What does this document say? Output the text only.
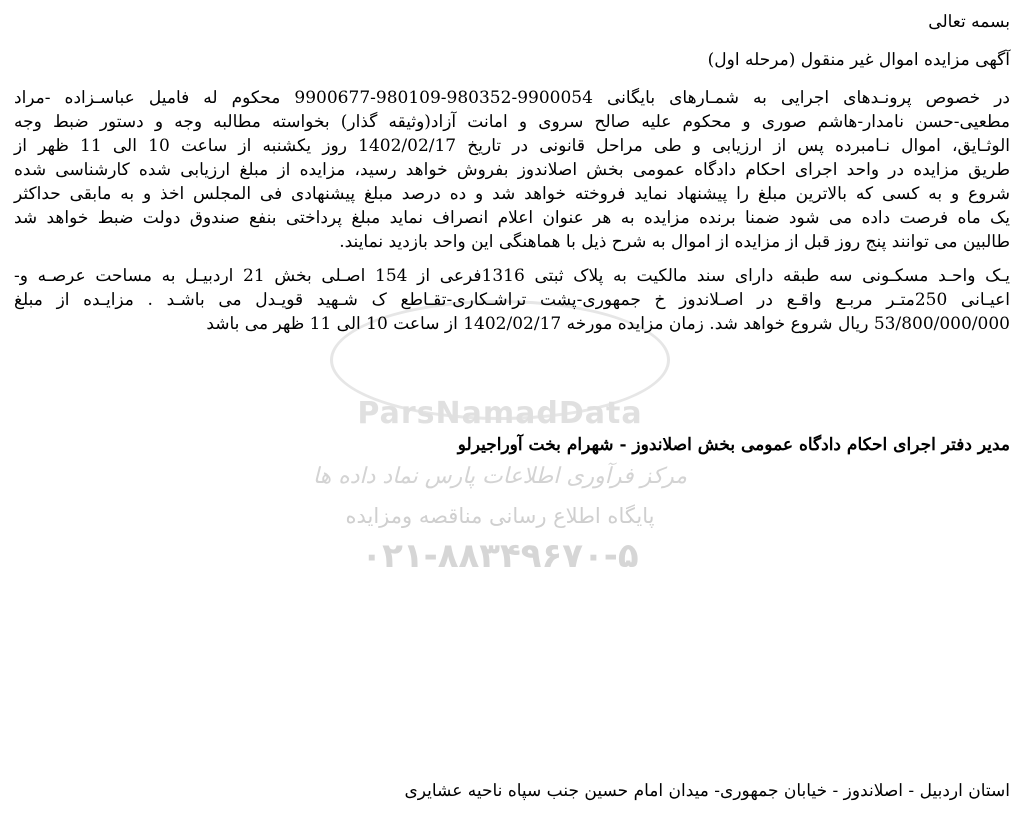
ParsNamadData
مرکز فرآوری اطلاعات پارس نماد داده ها
پایگاه اطلاع رسانی مناقصه ومزایده
۰۲۱-۸۸۳۴۹۶۷۰-۵
بسمه تعالی
آگهی مزایده اموال غیر منقول (مرحله اول)
در خصوص پرونـدهای اجرایی به شمـارهای بایگانی 9900054-980352-980109-9900677 محکوم له فامیل عباسـزاده -مراد
مطعیی-حسن نامدار-هاشم صوری و محکوم علیه صالح سروی و امانت آزاد(وثیقه گذار) بخواسته مطالبه وجه و دستور ضبط وجه
الوثـایق، اموال نـامبرده پس از ارزیابی و طی مراحل قانونی در تاریخ 1402/02/17 روز یکشنبه از ساعت 10 الی 11 ظهر از
طریق مزایده در واحد اجرای احکام دادگاه عمومی بخش اصلاندوز بفروش خواهد رسید، مزایده از مبلغ ارزیابی شده کارشناسی شده
شروع و به کسی که بالاترین مبلغ را پیشنهاد نماید فروخته خواهد شد و ده درصد مبلغ پیشنهادی فی المجلس اخذ و به مابقی حداکثر
یک ماه فرصت داده می شود ضمنا برنده مزایده به هر عنوان اعلام انصراف نماید مبلغ پرداختی بنفع صندوق دولت ضبط خواهد شد
طالبین می توانند پنج روز قبل از مزایده از اموال به شرح ذیل با هماهنگی این واحد بازدید نمایند.
یـک واحـد مسکـونی سه طبقه دارای سند مالکیت به پلاک ثبتی 1316فرعی از 154 اصـلی بخش 21 اردبیـل به مساحت عرصـه و-
اعیـانی 250متـر مربـع واقـع در اصـلاندوز خ جمهوری-پشت تراشـکاری-تقـاطع ک شـهید قویـدل می باشـد . مزایـده از مبلغ
53/800/000/000 ریال شروع خواهد شد. زمان مزایده مورخه 1402/02/17 از ساعت 10 الی 11 ظهر می باشد
مدیر دفتر اجرای احکام دادگاه عمومی بخش اصلاندوز - شهرام بخت آوراجیرلو
استان اردبیل - اصلاندوز - خیابان جمهوری- میدان امام حسین جنب سپاه ناحیه عشایری
